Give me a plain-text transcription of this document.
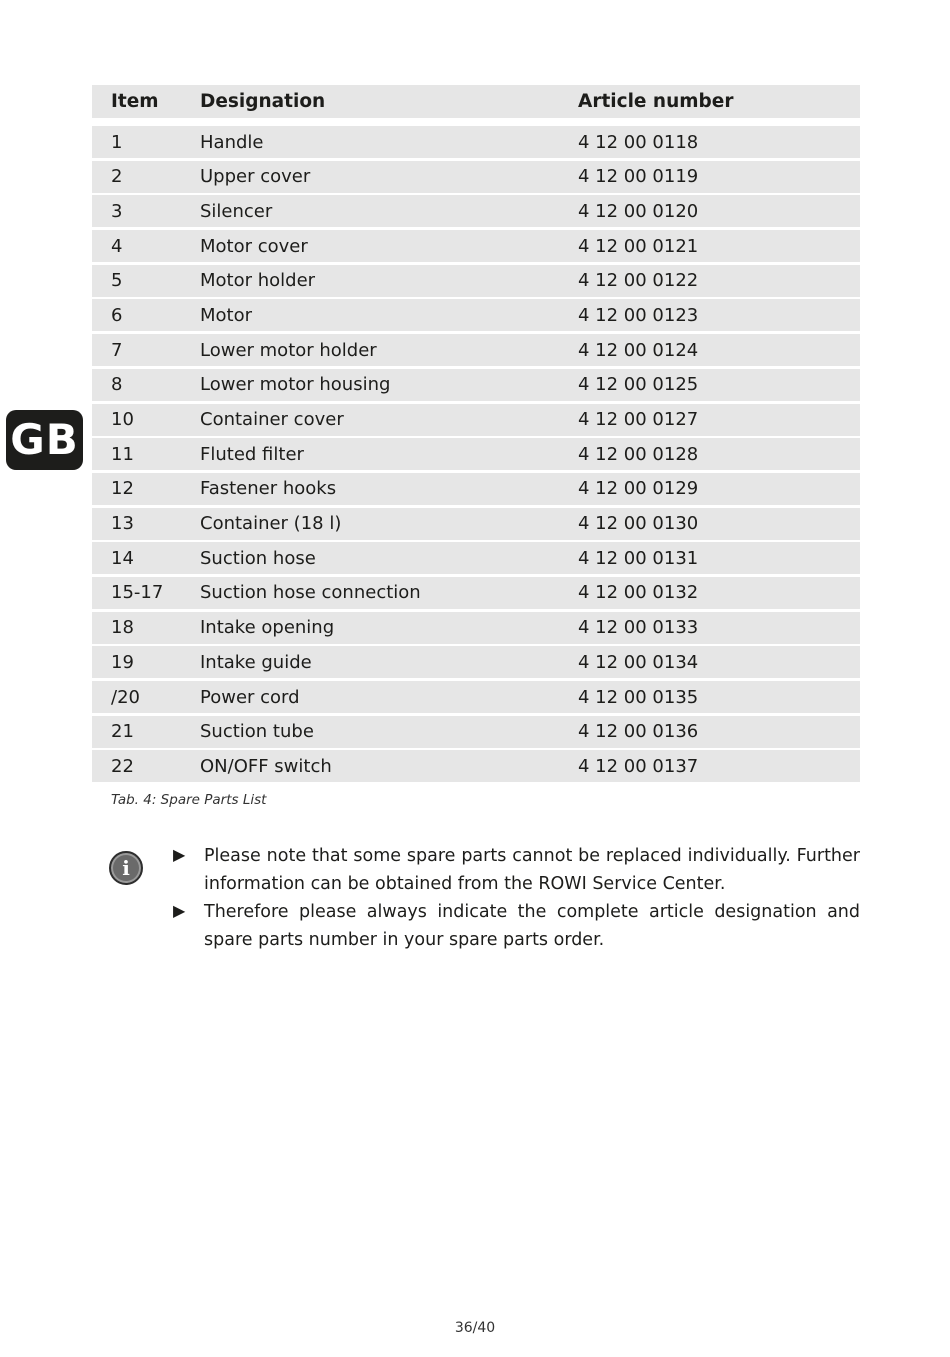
GB
Item	Designation	Article number
1	Handle	4 12 00 0118
2	Upper cover	4 12 00 0119
3	Silencer	4 12 00 0120
4	Motor cover	4 12 00 0121
5	Motor holder	4 12 00 0122
6	Motor	4 12 00 0123
7	Lower motor holder	4 12 00 0124
8	Lower motor housing	4 12 00 0125
10	Container cover	4 12 00 0127
11	Fluted filter	4 12 00 0128
12	Fastener hooks	4 12 00 0129
13	Container (18 l)	4 12 00 0130
14	Suction hose	4 12 00 0131
15-17	Suction hose connection	4 12 00 0132
18	Intake opening	4 12 00 0133
19	Intake guide	4 12 00 0134
/20	Power cord	4 12 00 0135
21	Suction tube	4 12 00 0136
22	ON/OFF switch	4 12 00 0137
Tab. 4: Spare Parts List
i
▶ Please note that some spare parts cannot be replaced individually. Further information can be obtained from the ROWI Service Center.
▶ Therefore please always indicate the complete article designation and spare parts number in your spare parts order.
36/40
